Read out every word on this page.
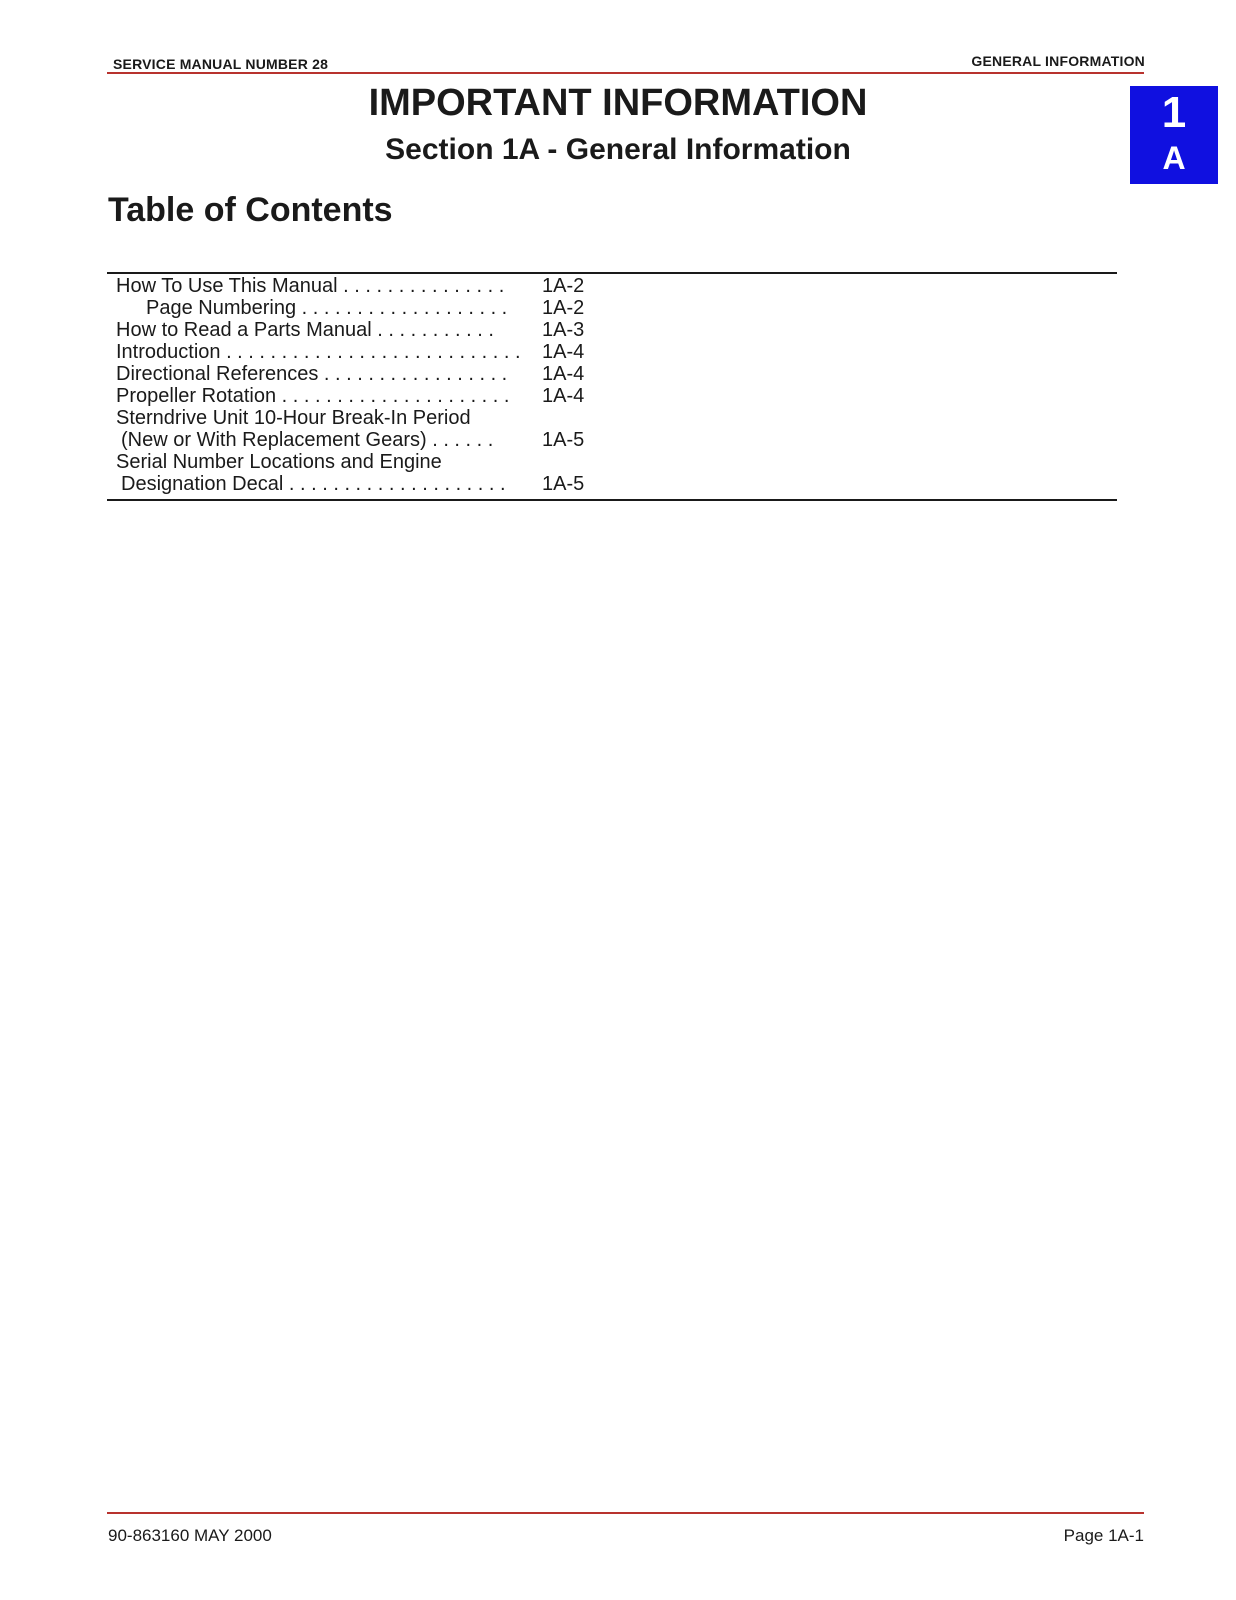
SERVICE MANUAL NUMBER 28	GENERAL INFORMATION
1
A
IMPORTANT INFORMATION
Section 1A - General Information
Table of Contents
How To Use This Manual . . . . . . . . . . . . . . . 1A-2
Page Numbering . . . . . . . . . . . . . . . . . . . 1A-2
How to Read a Parts Manual . . . . . . . . . . . 1A-3
Introduction . . . . . . . . . . . . . . . . . . . . . . . . . . . 1A-4
Directional References . . . . . . . . . . . . . . . . . 1A-4
Propeller Rotation . . . . . . . . . . . . . . . . . . . . . 1A-4
Sterndrive Unit 10-Hour Break-In Period
(New or With Replacement Gears) . . . . . . 1A-5
Serial Number Locations and Engine
Designation Decal . . . . . . . . . . . . . . . . . . . . 1A-5
90-863160 MAY 2000	Page 1A-1
